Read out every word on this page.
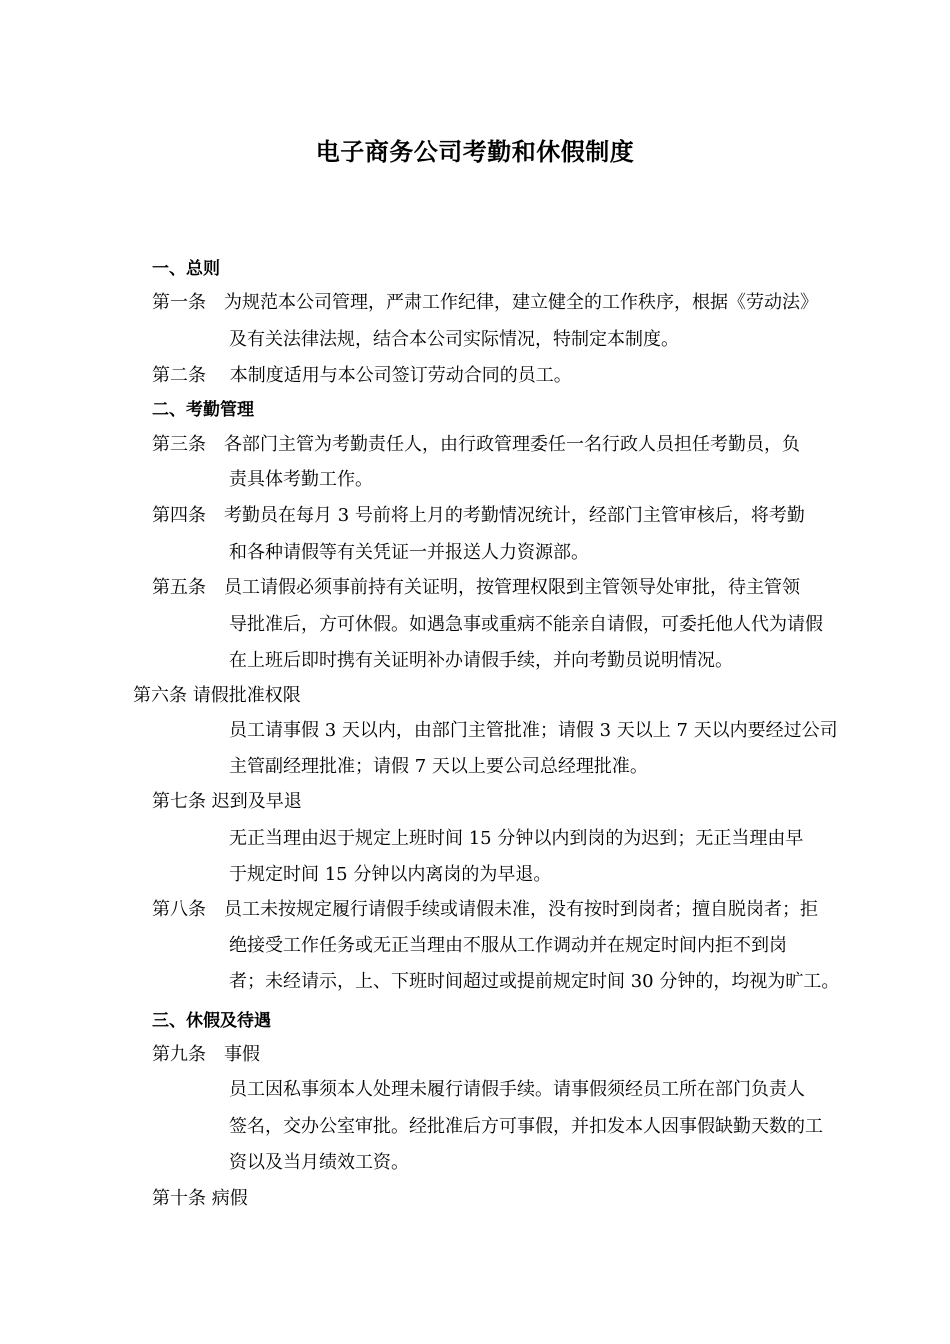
电子商务公司考勤和休假制度
一、总则
第一条　为规范本公司管理，严肃工作纪律，建立健全的工作秩序，根据《劳动法》
及有关法律法规，结合本公司实际情况，特制定本制度。
第二条　 本制度适用与本公司签订劳动合同的员工。
二、考勤管理
第三条　各部门主管为考勤责任人，由行政管理委任一名行政人员担任考勤员，负
责具体考勤工作。
第四条　考勤员在每月 3 号前将上月的考勤情况统计，经部门主管审核后，将考勤
和各种请假等有关凭证一并报送人力资源部。
第五条　员工请假必须事前持有关证明，按管理权限到主管领导处审批，待主管领
导批准后，方可休假。如遇急事或重病不能亲自请假，可委托他人代为请假
在上班后即时携有关证明补办请假手续，并向考勤员说明情况。
第六条 请假批准权限
员工请事假 3 天以内，由部门主管批准；请假 3 天以上 7 天以内要经过公司
主管副经理批准；请假 7 天以上要公司总经理批准。
第七条 迟到及早退
无正当理由迟于规定上班时间 15 分钟以内到岗的为迟到；无正当理由早
于规定时间 15 分钟以内离岗的为早退。
第八条　员工未按规定履行请假手续或请假未准，没有按时到岗者；擅自脱岗者；拒
绝接受工作任务或无正当理由不服从工作调动并在规定时间内拒不到岗
者；未经请示，上、下班时间超过或提前规定时间 30 分钟的，均视为旷工。
三、休假及待遇
第九条　事假
员工因私事须本人处理未履行请假手续。请事假须经员工所在部门负责人
签名，交办公室审批。经批准后方可事假，并扣发本人因事假缺勤天数的工
资以及当月绩效工资。
第十条 病假
